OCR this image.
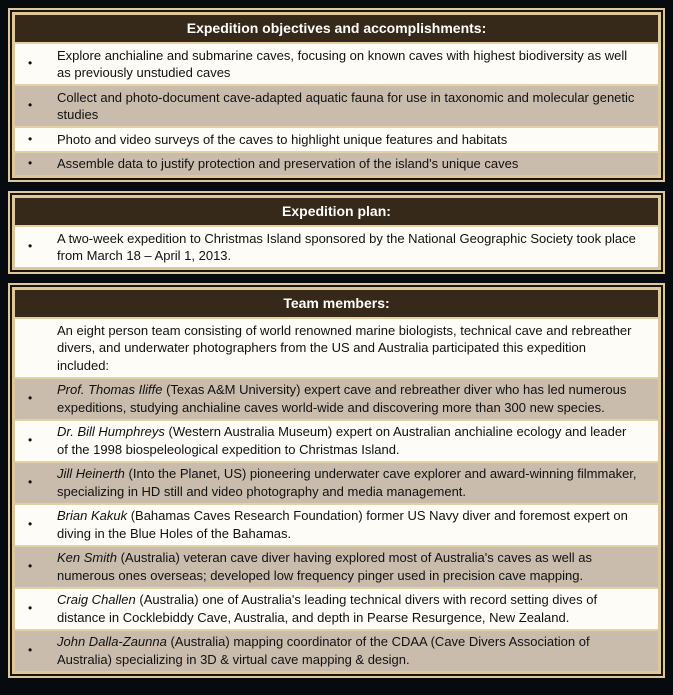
Expedition objectives and accomplishments:
•

Explore anchialine and submarine caves, focusing on known caves with highest biodiversity as well as previously unstudied caves

•

Collect and photo-document cave-adapted aquatic fauna for use in taxonomic and molecular genetic studies

•	Photo and video surveys of the caves to highlight unique features and habitats

•	Assemble data to justify protection and preservation of the island's unique caves

Expedition plan:
•

A two-week expedition to Christmas Island sponsored by the National Geographic Society took place from March 18 – April 1, 2013.

Team members:

An eight person team consisting of world renowned marine biologists, technical cave and rebreather divers, and underwater photographers from the US and Australia participated this expedition included:

•

Prof. Thomas Iliffe (Texas A&M University) expert cave and rebreather diver who has led numerous expeditions, studying anchialine caves world-wide and discovering more than 300 new species.

•

Dr. Bill Humphreys (Western Australia Museum) expert on Australian anchialine ecology and leader of the 1998 biospeleological expedition to Christmas Island.

•

Jill Heinerth (Into the Planet, US) pioneering underwater cave explorer and award-winning filmmaker, specializing in HD still and video photography and media management.

•

Brian Kakuk (Bahamas Caves Research Foundation) former US Navy diver and foremost expert on diving in the Blue Holes of the Bahamas.

•

Ken Smith (Australia) veteran cave diver having explored most of Australia's caves as well as numerous ones overseas; developed low frequency pinger used in precision cave mapping.

•

Craig Challen (Australia) one of Australia's leading technical divers with record setting dives of distance in Cocklebiddy Cave, Australia, and depth in Pearse Resurgence, New Zealand.

•

John Dalla-Zaunna (Australia) mapping coordinator of the CDAA (Cave Divers Association of Australia) specializing in 3D & virtual cave mapping & design.
